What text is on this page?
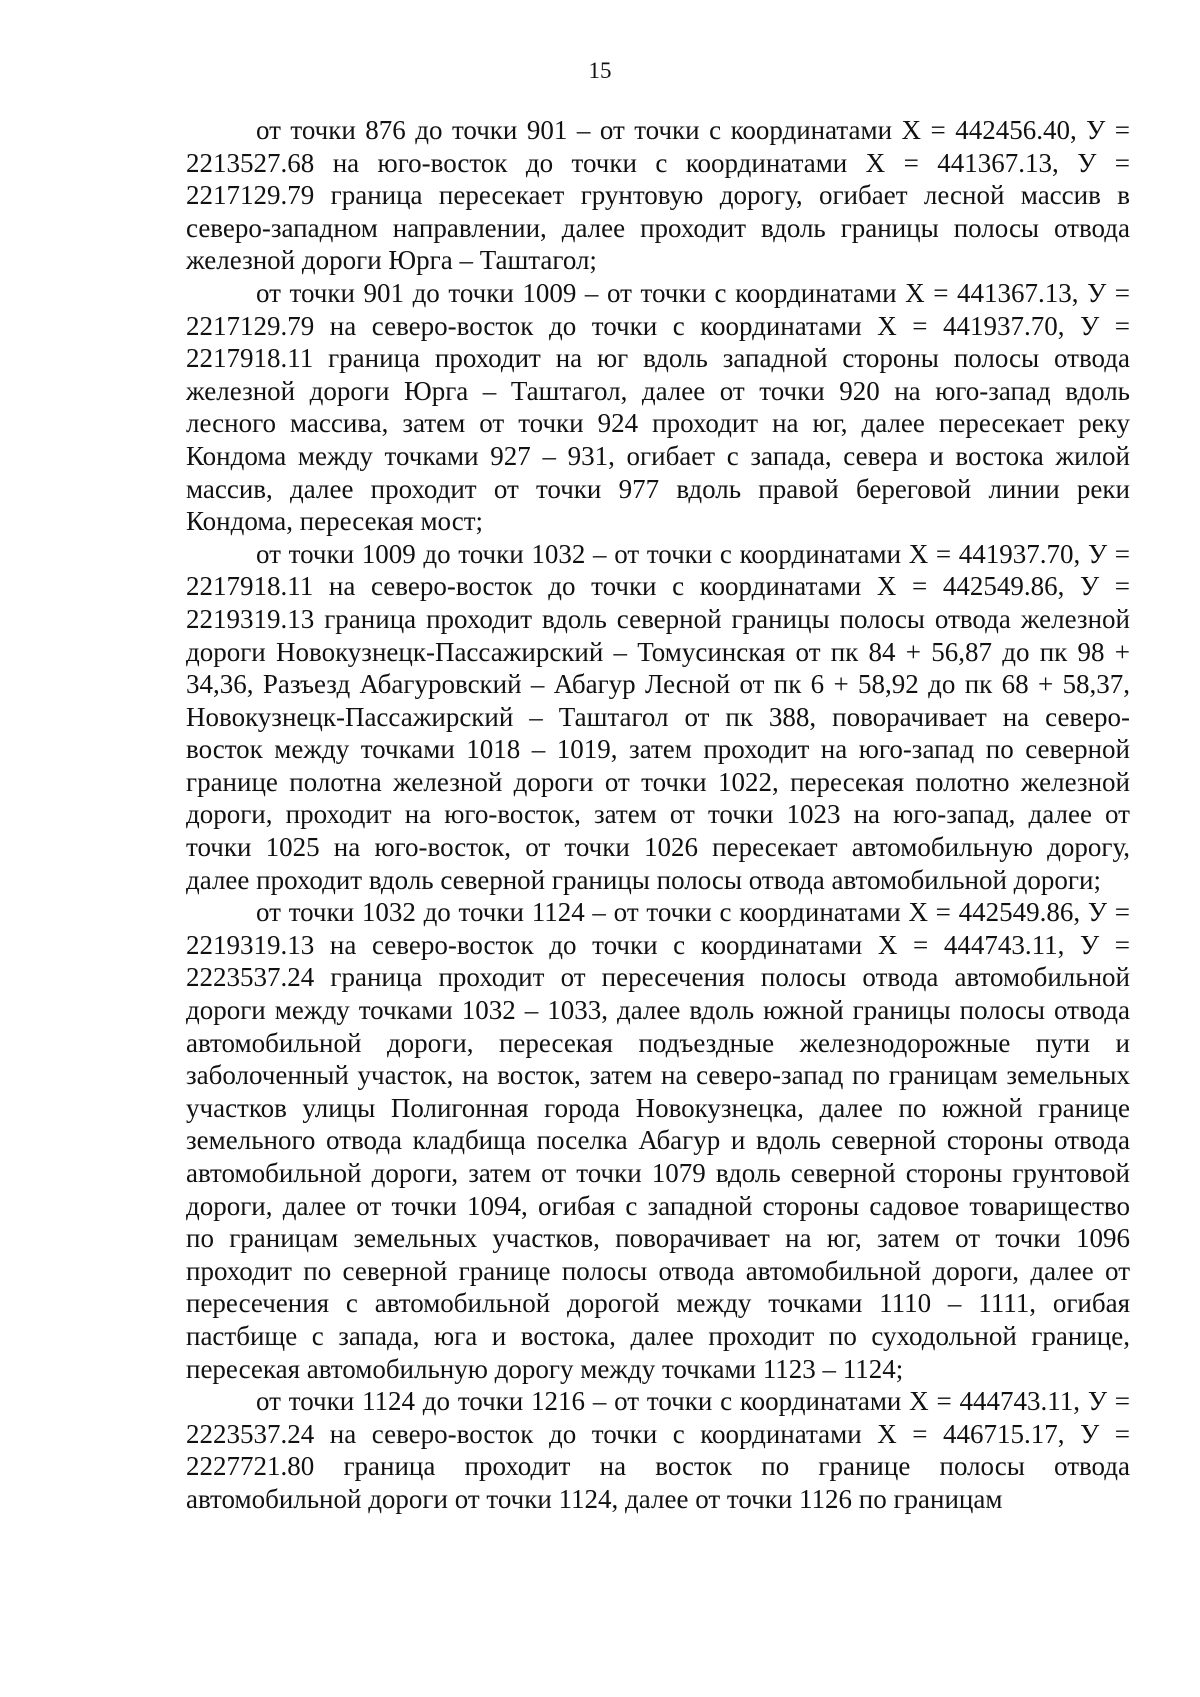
15

от точки 876 до точки 901 – от точки с координатами Х = 442456.40, У = 2213527.68 на юго-восток до точки с координатами Х = 441367.13, У = 2217129.79 граница пересекает грунтовую дорогу, огибает лесной массив в северо-западном направлении, далее проходит вдоль границы полосы отвода железной дороги Юрга – Таштагол;

от точки 901 до точки 1009 – от точки с координатами Х = 441367.13, У = 2217129.79 на северо-восток до точки с координатами Х = 441937.70, У = 2217918.11 граница проходит на юг вдоль западной стороны полосы отвода железной дороги Юрга – Таштагол, далее от точки 920 на юго-запад вдоль лесного массива, затем от точки 924 проходит на юг, далее пересекает реку Кондома между точками 927 – 931, огибает с запада, севера и востока жилой массив, далее проходит от точки 977 вдоль правой береговой линии реки Кондома, пересекая мост;

от точки 1009 до точки 1032 – от точки с координатами Х = 441937.70, У = 2217918.11 на северо-восток до точки с координатами Х = 442549.86, У = 2219319.13 граница проходит вдоль северной границы полосы отвода железной дороги Новокузнецк-Пассажирский – Томусинская от пк 84 + 56,87 до пк 98 + 34,36, Разъезд Абагуровский – Абагур Лесной от пк 6 + 58,92 до пк 68 + 58,37, Новокузнецк-Пассажирский – Таштагол от пк 388, поворачивает на северо-восток между точками 1018 – 1019, затем проходит на юго-запад по северной границе полотна железной дороги от точки 1022, пересекая полотно железной дороги, проходит на юго-восток, затем от точки 1023 на юго-запад, далее от точки 1025 на юго-восток, от точки 1026 пересекает автомобильную дорогу, далее проходит вдоль северной границы полосы отвода автомобильной дороги;

от точки 1032 до точки 1124 – от точки с координатами Х = 442549.86, У = 2219319.13 на северо-восток до точки с координатами Х = 444743.11, У = 2223537.24 граница проходит от пересечения полосы отвода автомобильной дороги между точками 1032 – 1033, далее вдоль южной границы полосы отвода автомобильной дороги, пересекая подъездные железнодорожные пути и заболоченный участок, на восток, затем на северо-запад по границам земельных участков улицы Полигонная города Новокузнецка, далее по южной границе земельного отвода кладбища поселка Абагур и вдоль северной стороны отвода автомобильной дороги, затем от точки 1079 вдоль северной стороны грунтовой дороги, далее от точки 1094, огибая с западной стороны садовое товарищество по границам земельных участков, поворачивает на юг, затем от точки 1096 проходит по северной границе полосы отвода автомобильной дороги, далее от пересечения с автомобильной дорогой между точками 1110 – 1111, огибая пастбище с запада, юга и востока, далее проходит по суходольной границе, пересекая автомобильную дорогу между точками 1123 – 1124;

от точки 1124 до точки 1216 – от точки с координатами Х = 444743.11, У = 2223537.24 на северо-восток до точки с координатами Х = 446715.17, У = 2227721.80 граница проходит на восток по границе полосы отвода автомобильной дороги от точки 1124, далее от точки 1126 по границам
